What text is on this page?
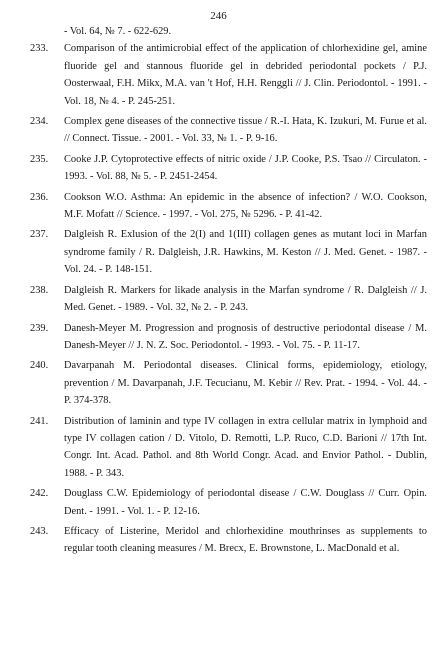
246

- Vol. 64, № 7. - 622-629.

233.	Comparison of the antimicrobial effect of the application of chlorhexidine gel, amine fluoride gel and stannous fluoride gel in debrided periodontal pockets / P.J. Oosterwaal, F.H. Mikx, M.A. van 't Hof, H.H. Renggli // J. Clin. Periodontol. - 1991. - Vol. 18, № 4. - P. 245-251.
234.	Complex gene diseases of the connective tissue / R.-I. Hata, K. Izukuri, M. Furue et al. // Connect. Tissue. - 2001. - Vol. 33, № 1. - P. 9-16.
235.	Cooke J.P. Cytoprotective effects of nitric oxide / J.P. Cooke, P.S. Tsao // Circulaton. - 1993. - Vol. 88, № 5. - P. 2451-2454.
236.	Cookson W.O. Asthma: An epidemic in the absence of infection? / W.O. Cookson, M.F. Mofatt // Science. - 1997. - Vol. 275, № 5296. - P. 41-42.
237.	Dalgleish R. Exlusion of the 2(I) and 1(III) collagen genes as mutant loci in Marfan syndrome family / R. Dalgleish, J.R. Hawkins, M. Keston // J. Med. Genet. - 1987. - Vol. 24. - P. 148-151.
238.	Dalgleish R. Markers for likade analysis in the Marfan syndrome / R. Dalgleish // J. Med. Genet. - 1989. - Vol. 32, № 2. - P. 243.
239.	Danesh-Meyer M. Progression and prognosis of destructive periodontal disease / M. Danesh-Meyer // J. N. Z. Soc. Periodontol. - 1993. - Vol. 75. - P. 11-17.
240.	Davarpanah M. Periodontal diseases. Clinical forms, epidemiology, etiology, prevention / M. Davarpanah, J.F. Tecucianu, M. Kebir // Rev. Prat. - 1994. - Vol. 44. - P. 374-378.
241.	Distribution of laminin and type IV collagen in extra cellular matrix in lymphoid and type IV collagen cation / D. Vitolo, D. Remotti, L.P. Ruco, C.D. Barioni // 17th Int. Congr. Int. Acad. Pathol. and 8th World Congr. Acad. and Envior Pathol. - Dublin, 1988. - P. 343.
242.	Douglass C.W. Epidemiology of periodontal disease / C.W. Douglass // Curr. Opin. Dent. - 1991. - Vol. 1. - P. 12-16.
243.	Efficacy of Listerine, Meridol and chlorhexidine mouthrinses as supplements to regular tooth cleaning measures / M. Brecx, E. Brownstone, L. MacDonald et al.
